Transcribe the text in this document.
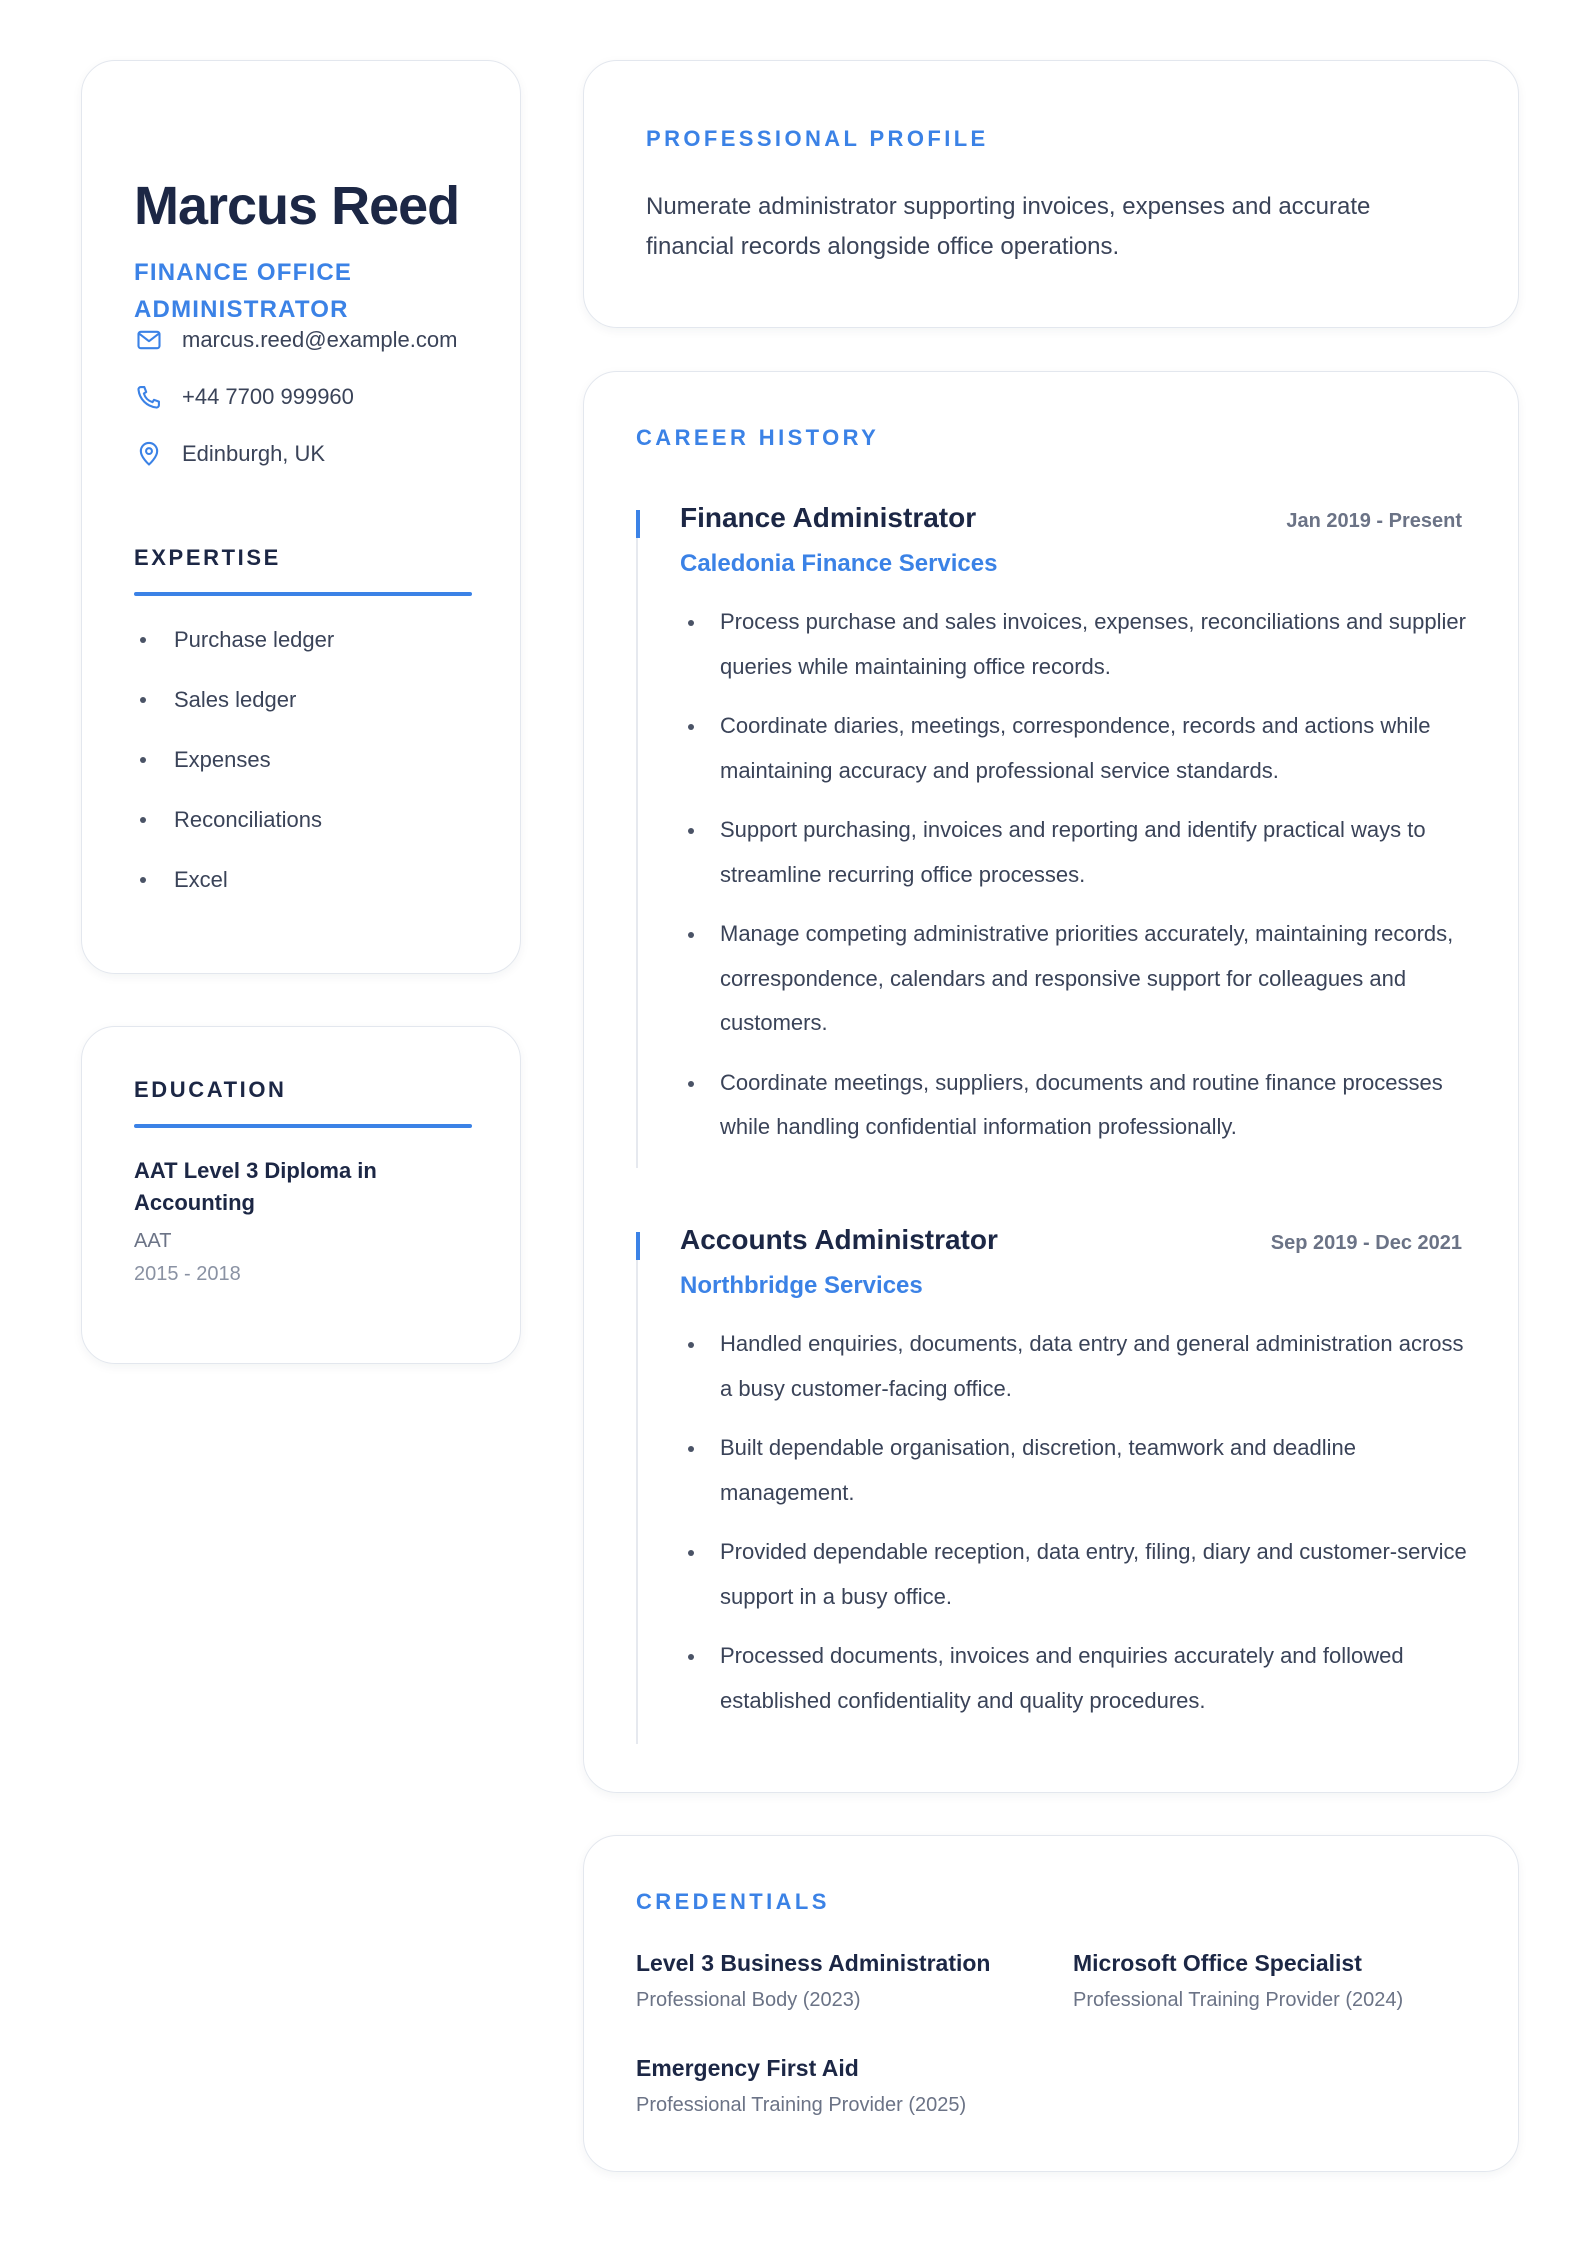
Marcus Reed
FINANCE OFFICE ADMINISTRATOR
marcus.reed@example.com
+44 7700 999960
Edinburgh, UK
EXPERTISE
Purchase ledger
Sales ledger
Expenses
Reconciliations
Excel
EDUCATION
AAT Level 3 Diploma in Accounting
AAT
2015 - 2018
PROFESSIONAL PROFILE
Numerate administrator supporting invoices, expenses and accurate financial records alongside office operations.
CAREER HISTORY
Finance Administrator	Jan 2019 - Present
Caledonia Finance Services
Process purchase and sales invoices, expenses, reconciliations and supplier queries while maintaining office records.
Coordinate diaries, meetings, correspondence, records and actions while maintaining accuracy and professional service standards.
Support purchasing, invoices and reporting and identify practical ways to streamline recurring office processes.
Manage competing administrative priorities accurately, maintaining records, correspondence, calendars and responsive support for colleagues and customers.
Coordinate meetings, suppliers, documents and routine finance processes while handling confidential information professionally.
Accounts Administrator	Sep 2019 - Dec 2021
Northbridge Services
Handled enquiries, documents, data entry and general administration across a busy customer-facing office.
Built dependable organisation, discretion, teamwork and deadline management.
Provided dependable reception, data entry, filing, diary and customer-service support in a busy office.
Processed documents, invoices and enquiries accurately and followed established confidentiality and quality procedures.
CREDENTIALS
Level 3 Business Administration
Professional Body (2023)
Microsoft Office Specialist
Professional Training Provider (2024)
Emergency First Aid
Professional Training Provider (2025)
